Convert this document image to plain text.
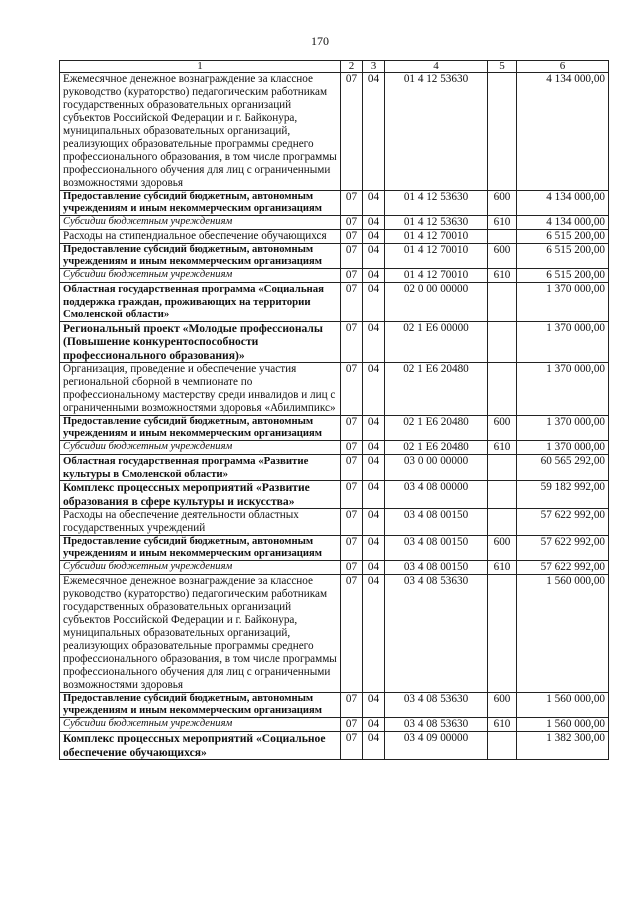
170
1	2	3	4	5	6
Ежемесячное денежное вознаграждение за классное руководство (кураторство) педагогическим работникам государственных образовательных организаций субъектов Российской Федерации и г. Байконура, муниципальных образовательных организаций, реализующих образовательные программы среднего профессионального образования, в том числе программы профессионального обучения для лиц с ограниченными возможностями здоровья	07	04	01 4 12 53630		4 134 000,00
Предоставление субсидий бюджетным, автономным учреждениям и иным некоммерческим организациям	07	04	01 4 12 53630	600	4 134 000,00
Субсидии бюджетным учреждениям	07	04	01 4 12 53630	610	4 134 000,00
Расходы на стипендиальное обеспечение обучающихся	07	04	01 4 12 70010		6 515 200,00
Предоставление субсидий бюджетным, автономным учреждениям и иным некоммерческим организациям	07	04	01 4 12 70010	600	6 515 200,00
Субсидии бюджетным учреждениям	07	04	01 4 12 70010	610	6 515 200,00
Областная государственная программа «Социальная поддержка граждан, проживающих на территории Смоленской области»	07	04	02 0 00 00000		1 370 000,00
Региональный проект «Молодые профессионалы (Повышение конкурентоспособности профессионального образования)»	07	04	02 1 Е6 00000		1 370 000,00
Организация, проведение и обеспечение участия региональной сборной в чемпионате по профессиональному мастерству среди инвалидов и лиц с ограниченными возможностями здоровья «Абилимпикс»	07	04	02 1 Е6 20480		1 370 000,00
Предоставление субсидий бюджетным, автономным учреждениям и иным некоммерческим организациям	07	04	02 1 Е6 20480	600	1 370 000,00
Субсидии бюджетным учреждениям	07	04	02 1 Е6 20480	610	1 370 000,00
Областная государственная программа «Развитие культуры в Смоленской области»	07	04	03 0 00 00000		60 565 292,00
Комплекс процессных мероприятий «Развитие образования в сфере культуры и искусства»	07	04	03 4 08 00000		59 182 992,00
Расходы на обеспечение деятельности областных государственных учреждений	07	04	03 4 08 00150		57 622 992,00
Предоставление субсидий бюджетным, автономным учреждениям и иным некоммерческим организациям	07	04	03 4 08 00150	600	57 622 992,00
Субсидии бюджетным учреждениям	07	04	03 4 08 00150	610	57 622 992,00
Ежемесячное денежное вознаграждение за классное руководство (кураторство) педагогическим работникам государственных образовательных организаций субъектов Российской Федерации и г. Байконура, муниципальных образовательных организаций, реализующих образовательные программы среднего профессионального образования, в том числе программы профессионального обучения для лиц с ограниченными возможностями здоровья	07	04	03 4 08 53630		1 560 000,00
Предоставление субсидий бюджетным, автономным учреждениям и иным некоммерческим организациям	07	04	03 4 08 53630	600	1 560 000,00
Субсидии бюджетным учреждениям	07	04	03 4 08 53630	610	1 560 000,00
Комплекс процессных мероприятий «Социальное обеспечение обучающихся»	07	04	03 4 09 00000		1 382 300,00
